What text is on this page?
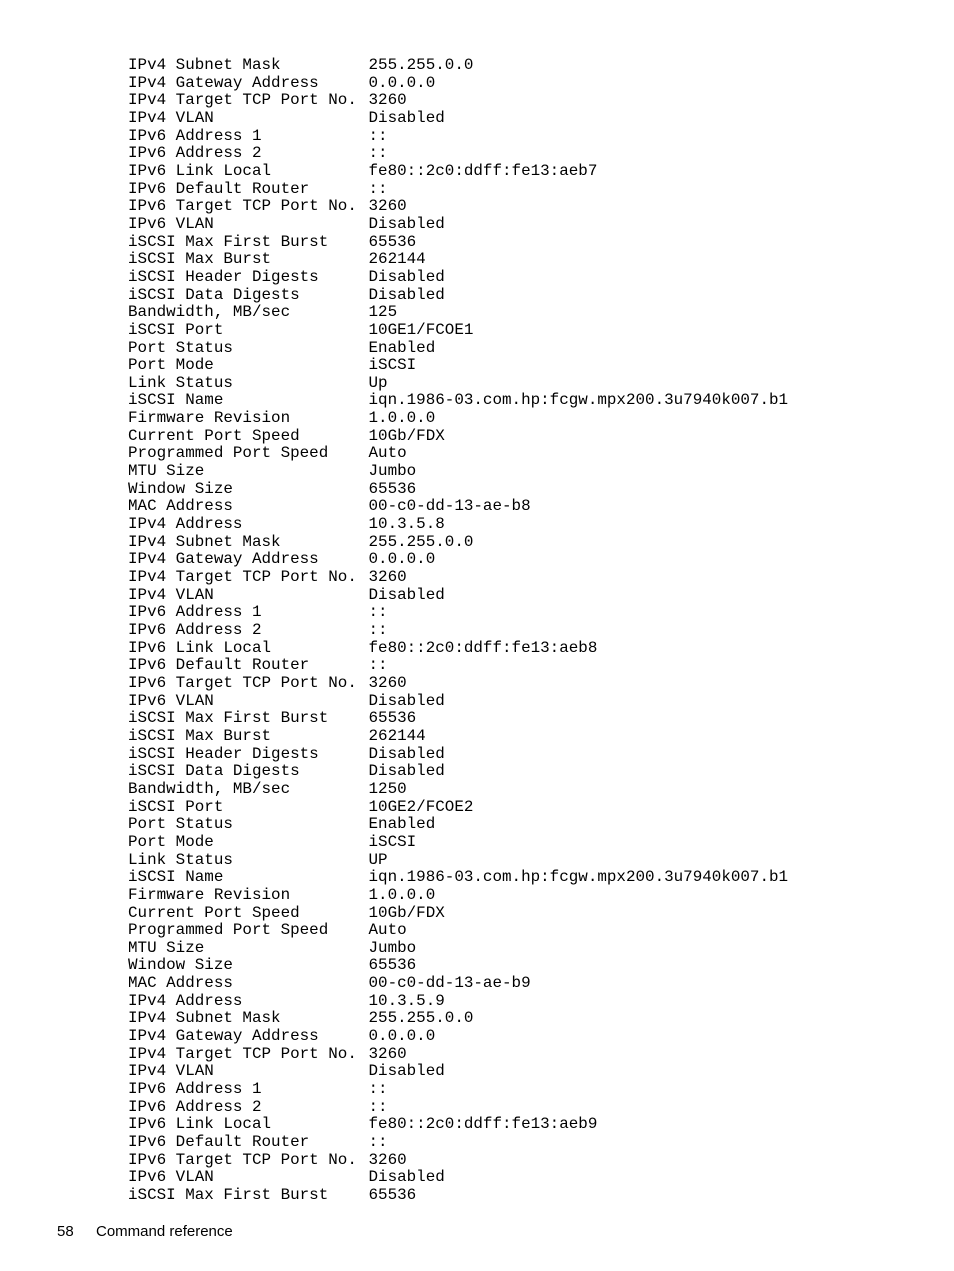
IPv4 Subnet Mask	255.255.0.0
IPv4 Gateway Address	0.0.0.0
IPv4 Target TCP Port No. 3260
IPv4 VLAN	Disabled
IPv6 Address 1	::
IPv6 Address 2	::
IPv6 Link Local	fe80::2c0:ddff:fe13:aeb7
IPv6 Default Router	::
IPv6 Target TCP Port No. 3260
IPv6 VLAN	Disabled
iSCSI Max First Burst	65536
iSCSI Max Burst	262144
iSCSI Header Digests	Disabled
iSCSI Data Digests	Disabled
Bandwidth, MB/sec	125
iSCSI Port	10GE1/FCOE1
Port Status	Enabled
Port Mode	iSCSI
Link Status	Up
iSCSI Name	iqn.1986-03.com.hp:fcgw.mpx200.3u7940k007.b1
Firmware Revision	1.0.0.0
Current Port Speed	10Gb/FDX
Programmed Port Speed	Auto
MTU Size	Jumbo
Window Size	65536
MAC Address	00-c0-dd-13-ae-b8
IPv4 Address	10.3.5.8
IPv4 Subnet Mask	255.255.0.0
IPv4 Gateway Address	0.0.0.0
IPv4 Target TCP Port No. 3260
IPv4 VLAN	Disabled
IPv6 Address 1	::
IPv6 Address 2	::
IPv6 Link Local	fe80::2c0:ddff:fe13:aeb8
IPv6 Default Router	::
IPv6 Target TCP Port No. 3260
IPv6 VLAN	Disabled
iSCSI Max First Burst	65536
iSCSI Max Burst	262144
iSCSI Header Digests	Disabled
iSCSI Data Digests	Disabled
Bandwidth, MB/sec	1250
iSCSI Port	10GE2/FCOE2
Port Status	Enabled
Port Mode	iSCSI
Link Status	UP
iSCSI Name	iqn.1986-03.com.hp:fcgw.mpx200.3u7940k007.b1
Firmware Revision	1.0.0.0
Current Port Speed	10Gb/FDX
Programmed Port Speed	Auto
MTU Size	Jumbo
Window Size	65536
MAC Address	00-c0-dd-13-ae-b9
IPv4 Address	10.3.5.9
IPv4 Subnet Mask	255.255.0.0
IPv4 Gateway Address	0.0.0.0
IPv4 Target TCP Port No. 3260
IPv4 VLAN	Disabled
IPv6 Address 1	::
IPv6 Address 2	::
IPv6 Link Local	fe80::2c0:ddff:fe13:aeb9
IPv6 Default Router	::
IPv6 Target TCP Port No. 3260
IPv6 VLAN	Disabled
iSCSI Max First Burst	65536
58 Command reference
